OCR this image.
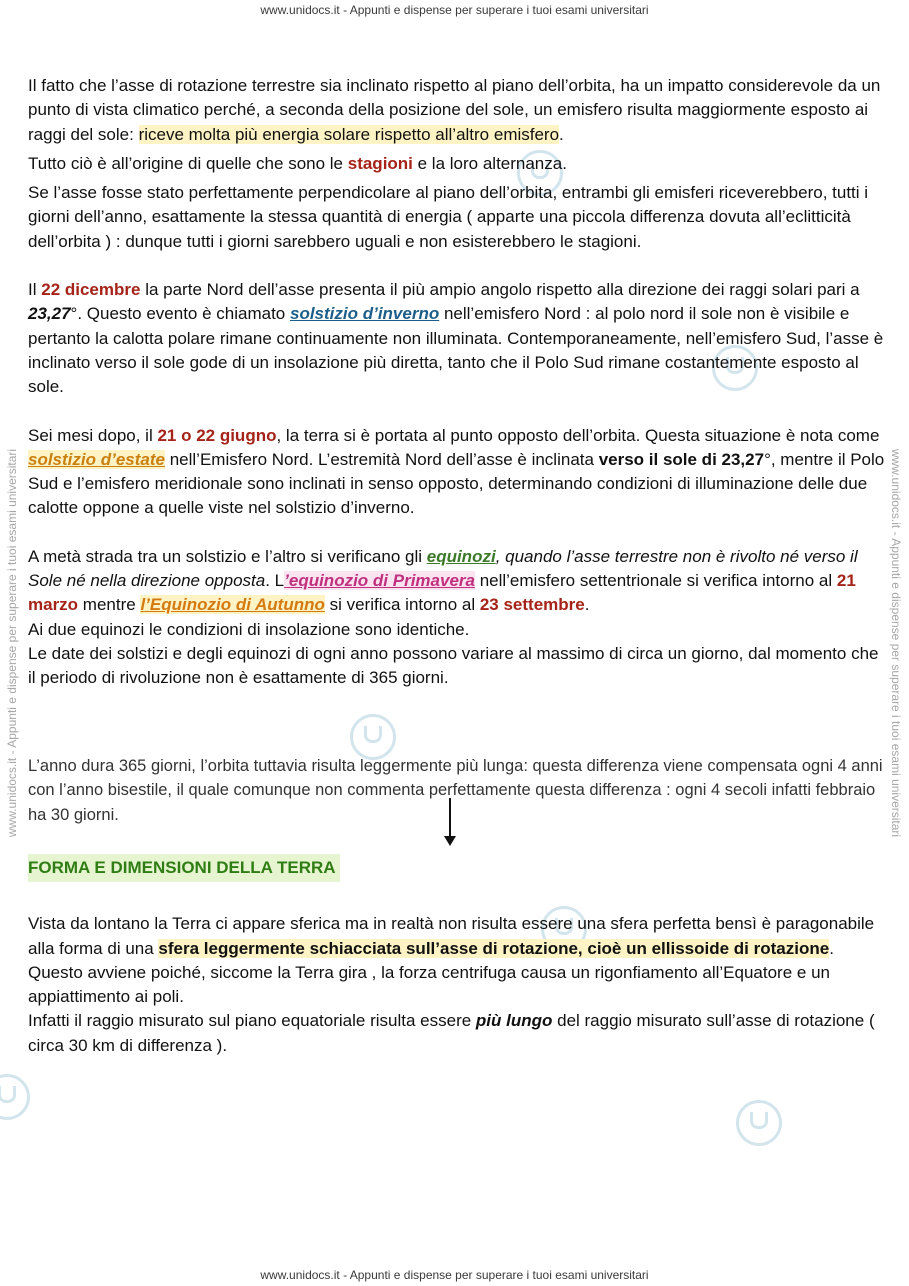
www.unidocs.it - Appunti e dispense per superare i tuoi esami universitari
www.unidocs.it - Appunti e dispense per superare i tuoi esami universitari	www.unidocs.it - Appunti e dispense per superare i tuoi esami universitari

Il fatto che l’asse di rotazione terrestre sia inclinato rispetto al piano dell’orbita, ha un impatto considerevole da un punto di vista climatico perché, a seconda della posizione del sole, un emisfero risulta maggiormente esposto ai raggi del sole: riceve molta più energia solare rispetto all’altro emisfero.

Tutto ciò è all’origine di quelle che sono le stagioni e la loro alternanza.

Se l’asse fosse stato perfettamente perpendicolare al piano dell’orbita, entrambi gli emisferi riceverebbero, tutti i giorni dell’anno, esattamente la stessa quantità di energia ( apparte una piccola differenza dovuta all’eclitticità dell’orbita ) : dunque tutti i giorni sarebbero uguali e non esisterebbero le stagioni.

Il 22 dicembre la parte Nord dell’asse presenta il più ampio angolo rispetto alla direzione dei raggi solari pari a 23,27°. Questo evento è chiamato solstizio d’inverno nell’emisfero Nord : al polo nord il sole non è visibile e pertanto la calotta polare rimane continuamente non illuminata. Contemporaneamente, nell’emisfero Sud, l’asse è inclinato verso il sole gode di un insolazione più diretta, tanto che il Polo Sud rimane costantemente esposto al sole.

Sei mesi dopo, il 21 o 22 giugno, la terra si è portata al punto opposto dell’orbita. Questa situazione è nota come solstizio d’estate nell’Emisfero Nord. L’estremità Nord dell’asse è inclinata verso il sole di 23,27°, mentre il Polo Sud e l’emisfero meridionale sono inclinati in senso opposto, determinando condizioni di illuminazione delle due calotte oppone a quelle viste nel solstizio d’inverno.

A metà strada tra un solstizio e l’altro si verificano gli equinozi, quando l’asse terrestre non è rivolto né verso il Sole né nella direzione opposta. L’equinozio di Primavera nell’emisfero settentrionale si verifica intorno al 21 marzo mentre l’Equinozio di Autunno si verifica intorno al 23 settembre.

Ai due equinozi le condizioni di insolazione sono identiche.

Le date dei solstizi e degli equinozi di ogni anno possono variare al massimo di circa un giorno, dal momento che il periodo di rivoluzione non è esattamente di 365 giorni.

L’anno dura 365 giorni, l’orbita tuttavia risulta leggermente più lunga: questa differenza viene compensata ogni 4 anni con l’anno bisestile, il quale comunque non commenta perfettamente questa differenza : ogni 4 secoli infatti febbraio ha 30 giorni.

FORMA E DIMENSIONI DELLA TERRA

Vista da lontano la Terra ci appare sferica ma in realtà non risulta essere una sfera perfetta bensì è paragonabile alla forma di una sfera leggermente schiacciata sull’asse di rotazione, cioè un ellissoide di rotazione. Questo avviene poiché, siccome la Terra gira , la forza centrifuga causa un rigonfiamento all’Equatore e un appiattimento ai poli.

Infatti il raggio misurato sul piano equatoriale risulta essere più lungo del raggio misurato sull’asse di rotazione ( circa 30 km di differenza ).

www.unidocs.it - Appunti e dispense per superare i tuoi esami universitari
